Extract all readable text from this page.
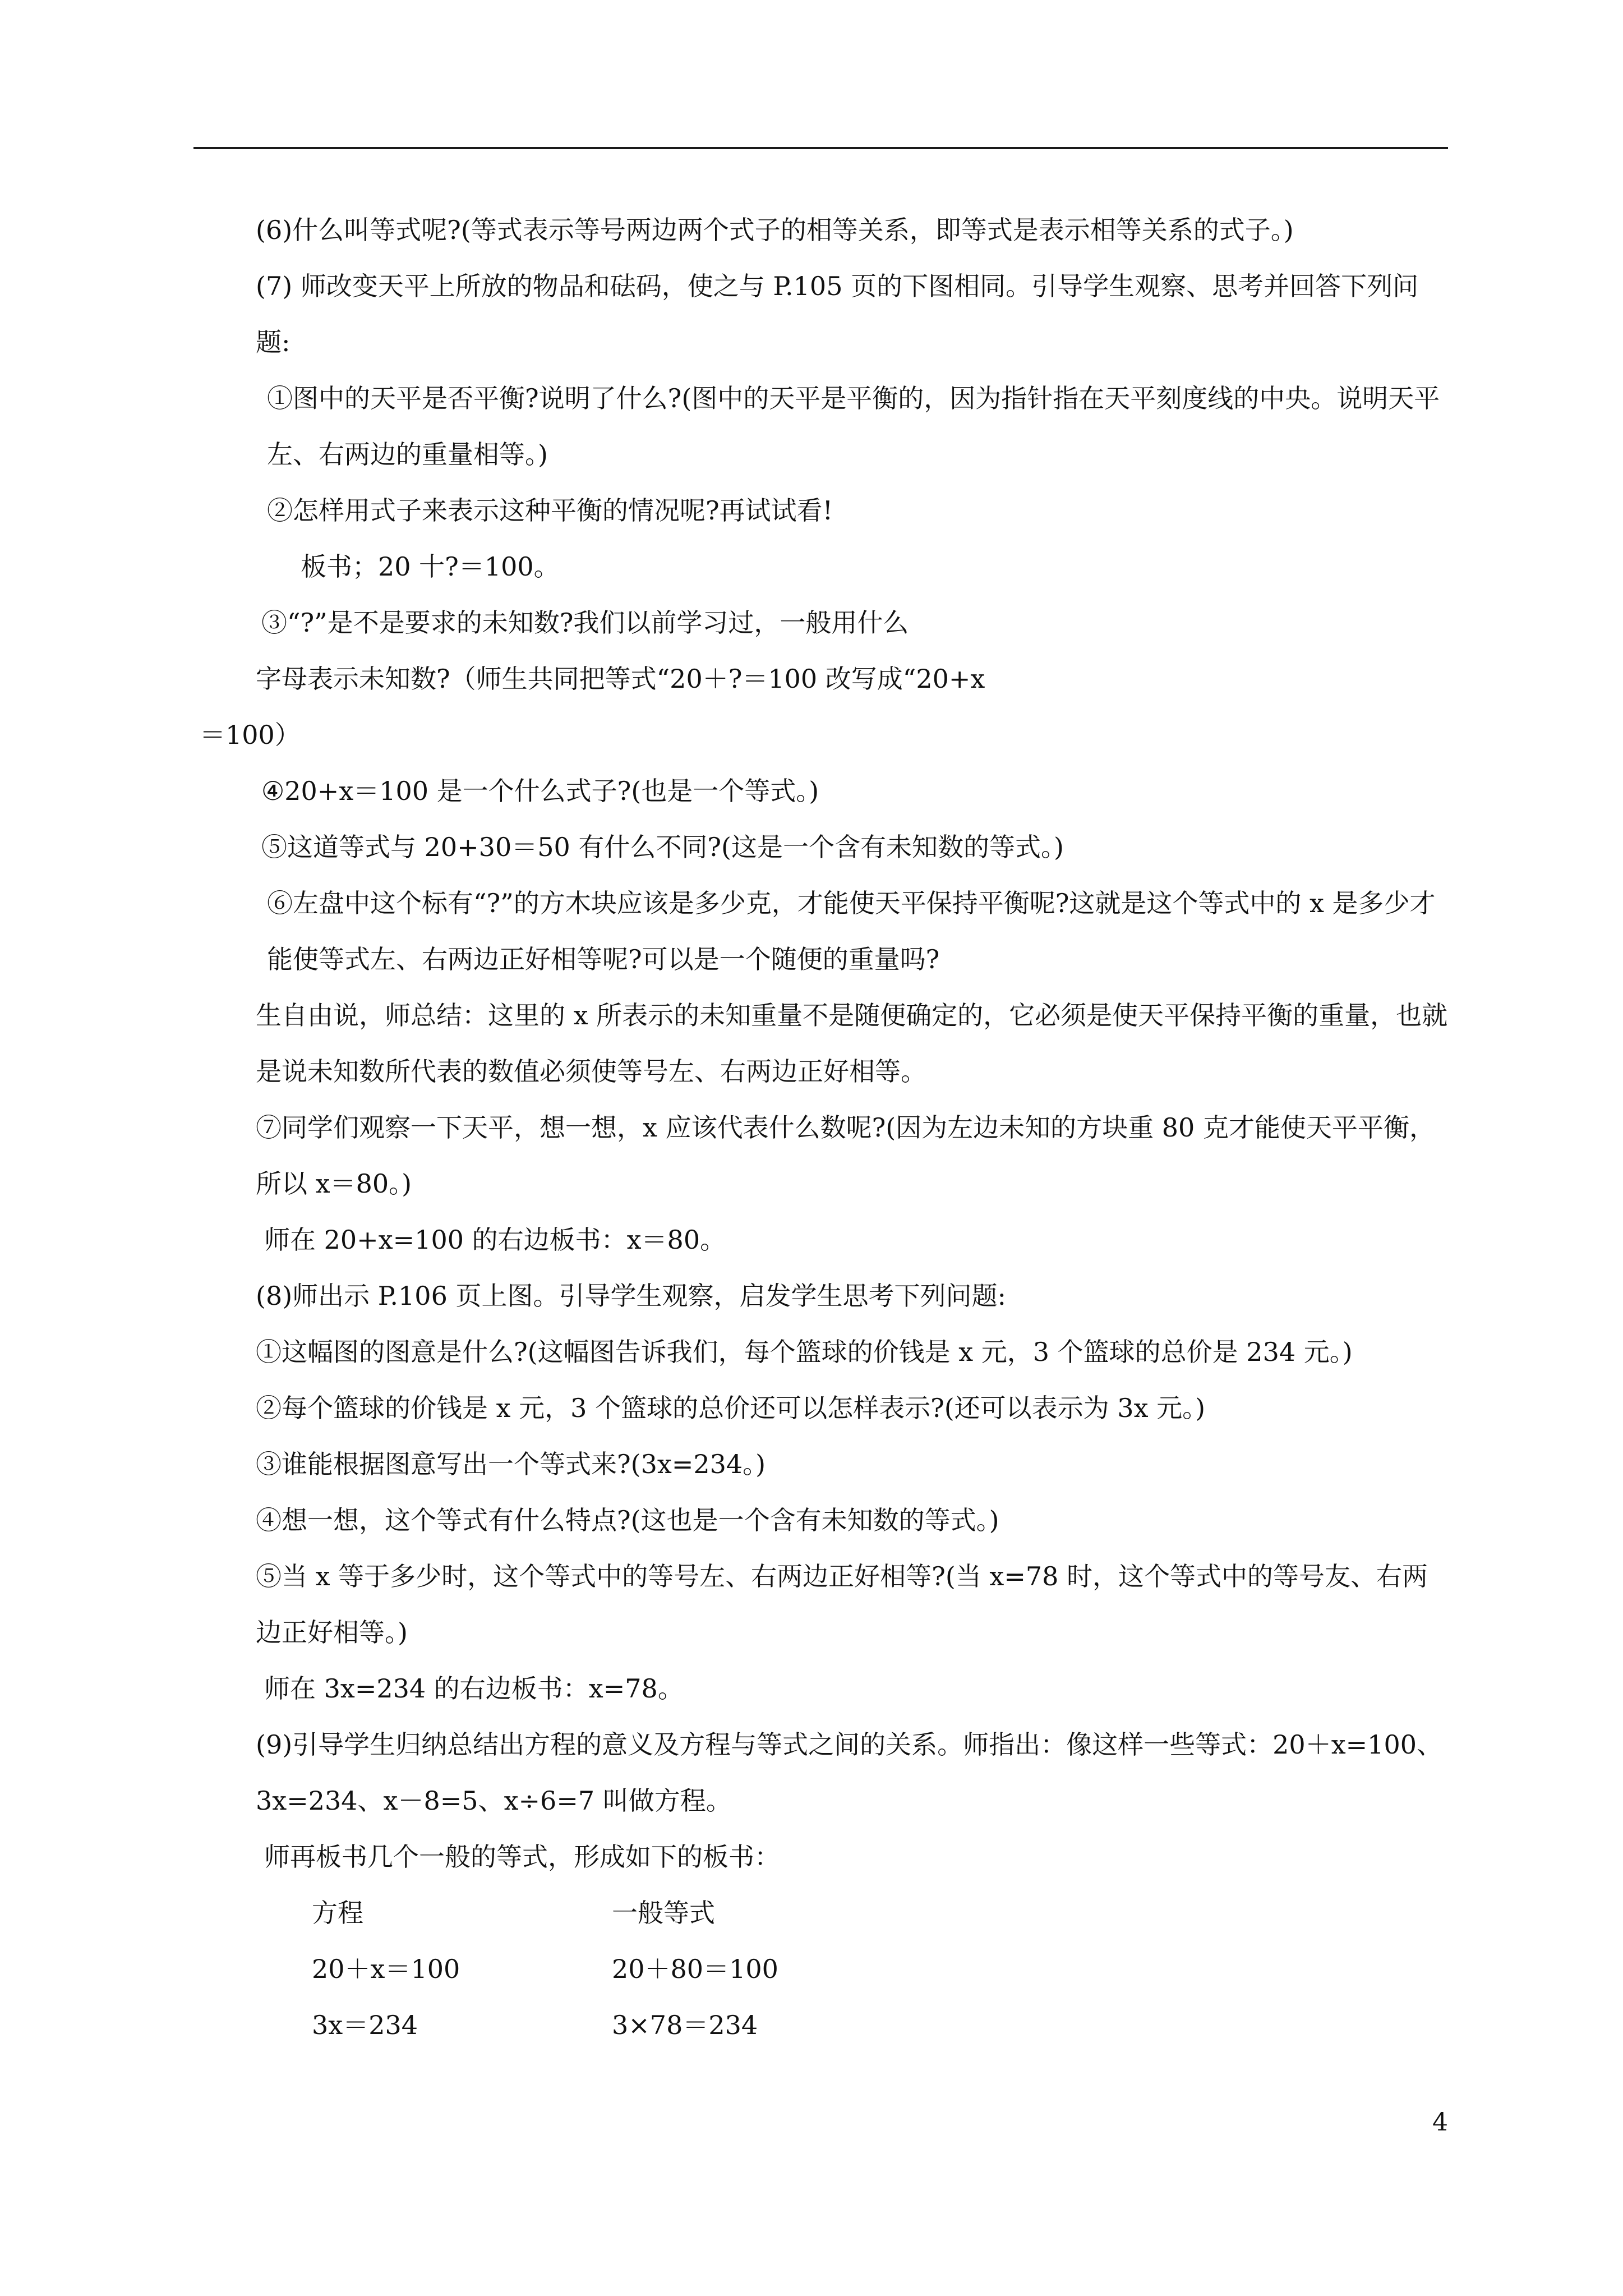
(6)什么叫等式呢?(等式表示等号两边两个式子的相等关系，即等式是表示相等关系的式子。)
(7) 师改变天平上所放的物品和砝码，使之与 P.105 页的下图相同。引导学生观察、思考并回答下列问题:
①图中的天平是否平衡?说明了什么?(图中的天平是平衡的，因为指针指在天平刻度线的中央。说明天平左、右两边的重量相等。)
②怎样用式子来表示这种平衡的情况呢?再试试看!
板书；20 十?＝100。
③“?”是不是要求的未知数?我们以前学习过，一般用什么
字母表示未知数?（师生共同把等式“20＋?＝100 改写成“20+x
＝100）
④20+x＝100 是一个什么式子?(也是一个等式。)
⑤这道等式与 20+30＝50 有什么不同?(这是一个含有未知数的等式。)
⑥左盘中这个标有“?”的方木块应该是多少克，才能使天平保持平衡呢?这就是这个等式中的 x 是多少才能使等式左、右两边正好相等呢?可以是一个随便的重量吗?
生自由说，师总结：这里的 x 所表示的未知重量不是随便确定的，它必须是使天平保持平衡的重量，也就是说未知数所代表的数值必须使等号左、右两边正好相等。
⑦同学们观察一下天平，想一想，x 应该代表什么数呢?(因为左边未知的方块重 80 克才能使天平平衡，所以 x＝80。)
师在 20+x=100 的右边板书：x＝80。
(8)师出示 P.106 页上图。引导学生观察，启发学生思考下列问题:
①这幅图的图意是什么?(这幅图告诉我们，每个篮球的价钱是 x 元，3 个篮球的总价是 234 元。)
②每个篮球的价钱是 x 元，3 个篮球的总价还可以怎样表示?(还可以表示为 3x 元。)
③谁能根据图意写出一个等式来?(3x=234。)
④想一想，这个等式有什么特点?(这也是一个含有未知数的等式。)
⑤当 x 等于多少时，这个等式中的等号左、右两边正好相等?(当 x=78 时，这个等式中的等号友、右两边正好相等。)
师在 3x=234 的右边板书：x=78。
(9)引导学生归纳总结出方程的意义及方程与等式之间的关系。师指出：像这样一些等式：20＋x=100、3x=234、x－8=5、x÷6=7 叫做方程。
师再板书几个一般的等式，形成如下的板书：
方程	一般等式
20＋x＝100	20＋80＝100
3x＝234	3×78＝234
4
